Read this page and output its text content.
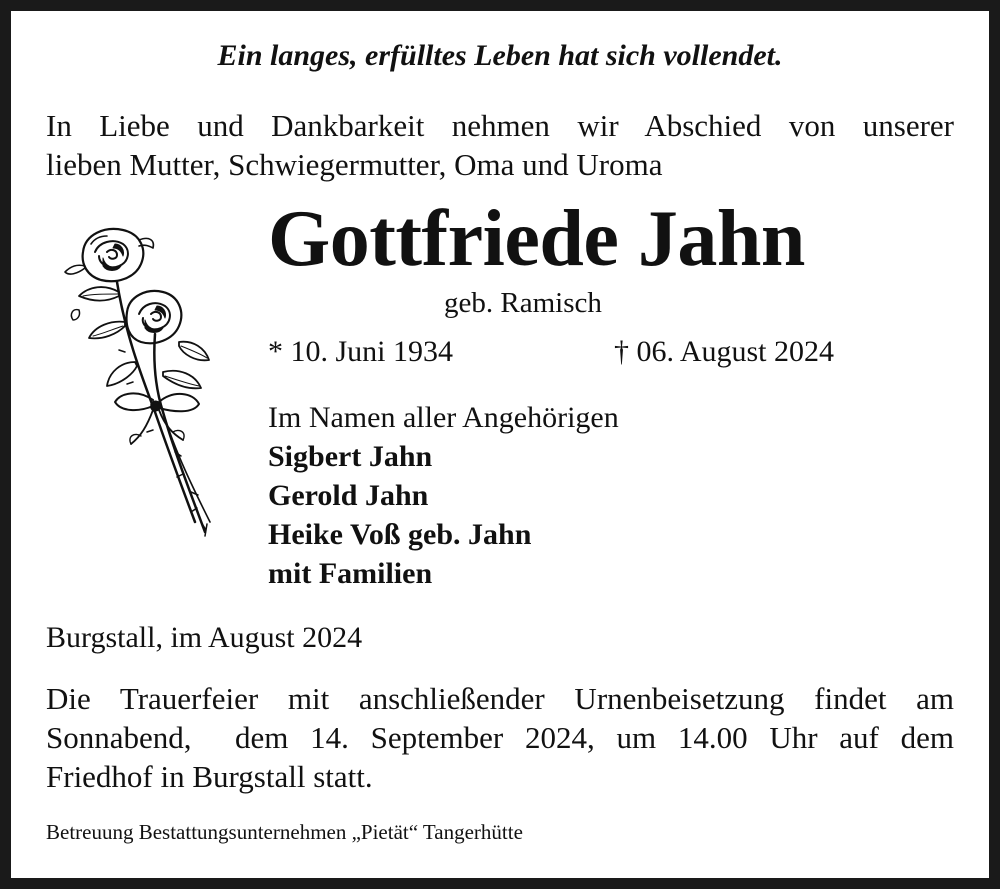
Ein langes, erfülltes Leben hat sich vollendet.
In Liebe und Dankbarkeit nehmen wir Abschied von unserer
lieben Mutter, Schwiegermutter, Oma und Uroma
Gottfriede Jahn
geb. Ramisch
* 10. Juni 1934	† 06. August 2024
Im Namen aller Angehörigen
Sigbert Jahn
Gerold Jahn
Heike Voß geb. Jahn
mit Familien
Burgstall, im August 2024
Die Trauerfeier mit anschließender Urnenbeisetzung findet am
Sonnabend,  dem 14. September 2024, um 14.00 Uhr auf dem
Friedhof in Burgstall statt.
Betreuung Bestattungsunternehmen „Pietät“ Tangerhütte
